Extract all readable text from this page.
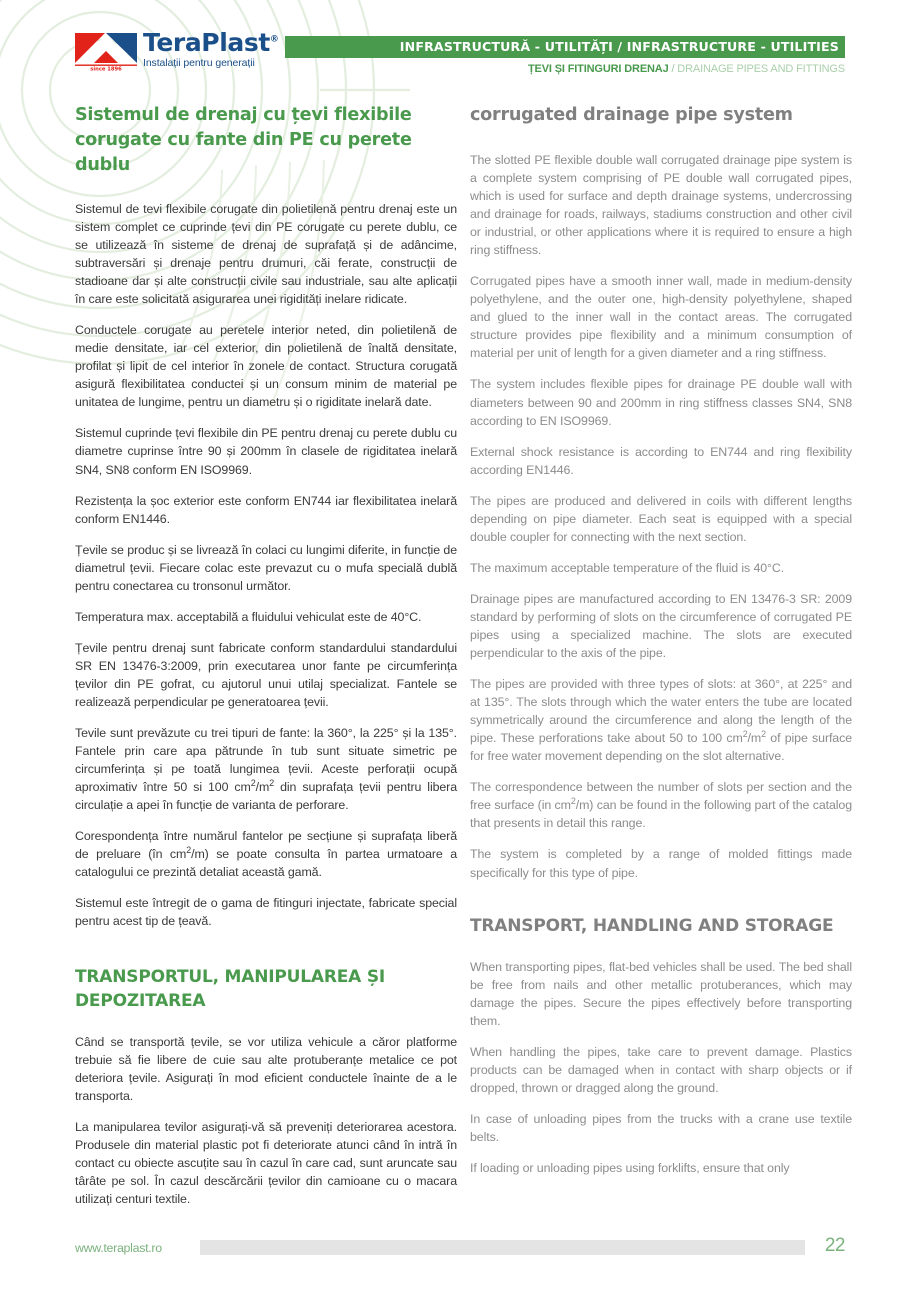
since 1896
TeraPlast®
Instalații pentru generații
INFRASTRUCTURĂ - UTILITĂȚI / INFRASTRUCTURE - UTILITIES
ȚEVI ȘI FITINGURI DRENAJ / DRAINAGE PIPES AND FITTINGS
Sistemul de drenaj cu țevi flexibile corugate cu fante din PE cu perete dublu

Sistemul de tevi flexibile corugate din polietilenă pentru drenaj este un sistem complet ce cuprinde țevi din PE corugate cu perete dublu, ce se utilizează în sisteme de drenaj de suprafață și de adâncime, subtraversări și drenaje pentru drumuri, căi ferate, construcții de stadioane dar și alte construcții civile sau industriale, sau alte aplicații în care este solicitată asigurarea unei rigidități inelare ridicate.

Conductele corugate au peretele interior neted, din polietilenă de medie densitate, iar cel exterior, din polietilenă de înaltă densitate, profilat și lipit de cel interior în zonele de contact. Structura corugată asigură flexibilitatea conductei și un consum minim de material pe unitatea de lungime, pentru un diametru și o rigiditate inelară date.

Sistemul cuprinde țevi flexibile din PE pentru drenaj cu perete dublu cu diametre cuprinse între 90 și 200mm în clasele de rigiditatea inelară SN4, SN8 conform EN ISO9969.

Rezistența la șoc exterior este conform EN744 iar flexibilitatea inelară conform EN1446.

Țevile se produc și se livrează în colaci cu lungimi diferite, in funcție de diametrul țevii. Fiecare colac este prevazut cu o mufa specială dublă pentru conectarea cu tronsonul următor.

Temperatura max. acceptabilă a fluidului vehiculat este de 40°C.

Țevile pentru drenaj sunt fabricate conform standardului standardului SR EN 13476-3:2009, prin executarea unor fante pe circumferința țevilor din PE gofrat, cu ajutorul unui utilaj specializat. Fantele se realizează perpendicular pe generatoarea țevii.

Tevile sunt prevăzute cu trei tipuri de fante: la 360°, la 225° și la 135°. Fantele prin care apa pătrunde în tub sunt situate simetric pe circumferința și pe toată lungimea țevii. Aceste perforații ocupă aproximativ între 50 si 100 $cm^2/m^2$ din suprafața țevii pentru libera circulație a apei în funcție de varianta de perforare.

Corespondența între numărul fantelor pe secțiune și suprafața liberă de preluare (în $cm^2/m$) se poate consulta în partea urmatoare a catalogului ce prezintă detaliat această gamă.

Sistemul este întregit de o gama de fitinguri injectate, fabricate special pentru acest tip de țeavă.

TRANSPORTUL, MANIPULAREA ȘI DEPOZITAREA

Când se transportă țevile, se vor utiliza vehicule a căror platforme trebuie să fie libere de cuie sau alte protuberanțe metalice ce pot deteriora țevile. Asigurați în mod eficient conductele înainte de a le transporta.

La manipularea tevilor asigurați-vă să preveniți deteriorarea acestora. Produsele din material plastic pot fi deteriorate atunci când în intră în contact cu obiecte ascuțite sau în cazul în care cad, sunt aruncate sau târâte pe sol. În cazul descărcării țevilor din camioane cu o macara utilizați centuri textile.

corrugated drainage pipe system

The slotted PE flexible double wall corrugated drainage pipe system is a complete system comprising of PE double wall corrugated pipes, which is used for surface and depth drainage systems, undercrossing and drainage for roads, railways, stadiums construction and other civil or industrial, or other applications where it is required to ensure a high ring stiffness.

Corrugated pipes have a smooth inner wall, made in medium-density polyethylene, and the outer one, high-density polyethylene, shaped and glued to the inner wall in the contact areas. The corrugated structure provides pipe flexibility and a minimum consumption of material per unit of length for a given diameter and a ring stiffness.

The system includes flexible pipes for drainage PE double wall with diameters between 90 and 200mm in ring stiffness classes SN4, SN8 according to EN ISO9969.

External shock resistance is according to EN744 and ring flexibility according EN1446.

The pipes are produced and delivered in coils with different lengths depending on pipe diameter. Each seat is equipped with a special double coupler for connecting with the next section.

The maximum acceptable temperature of the fluid is 40°C.

Drainage pipes are manufactured according to EN 13476-3 SR: 2009 standard by performing of slots on the circumference of corrugated PE pipes using a specialized machine. The slots are executed perpendicular to the axis of the pipe.

The pipes are provided with three types of slots: at 360°, at 225° and at 135°. The slots through which the water enters the tube are located symmetrically around the circumference and along the length of the pipe. These perforations take about 50 to 100 $cm^2/m^2$ of pipe surface for free water movement depending on the slot alternative.

The correspondence between the number of slots per section and the free surface (in $cm^2/m$) can be found in the following part of the catalog that presents in detail this range.

The system is completed by a range of molded fittings made specifically for this type of pipe.

TRANSPORT, HANDLING AND STORAGE

When transporting pipes, flat-bed vehicles shall be used. The bed shall be free from nails and other metallic protuberances, which may damage the pipes. Secure the pipes effectively before transporting them.

When handling the pipes, take care to prevent damage. Plastics products can be damaged when in contact with sharp objects or if dropped, thrown or dragged along the ground.

In case of unloading pipes from the trucks with a crane use textile belts.

If loading or unloading pipes using forklifts, ensure that only

www.teraplast.ro	22
